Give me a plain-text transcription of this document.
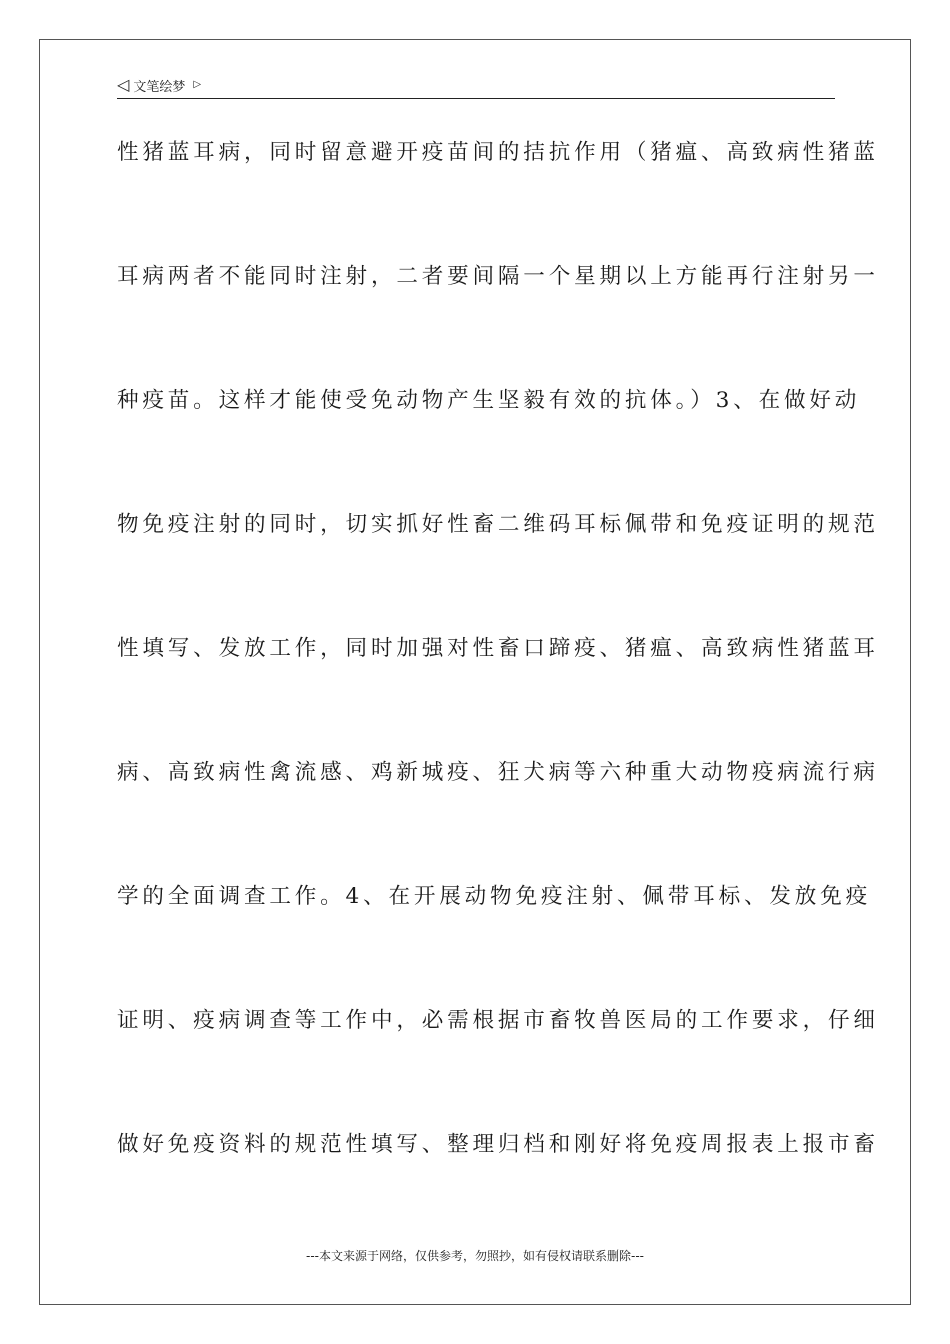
◁ 文笔绘梦 ▷
性猪蓝耳病，同时留意避开疫苗间的拮抗作用（猪瘟、高致病性猪蓝
耳病两者不能同时注射，二者要间隔一个星期以上方能再行注射另一
种疫苗。这样才能使受免动物产生坚毅有效的抗体。）3、在做好动
物免疫注射的同时，切实抓好性畜二维码耳标佩带和免疫证明的规范
性填写、发放工作，同时加强对性畜口蹄疫、猪瘟、高致病性猪蓝耳
病、高致病性禽流感、鸡新城疫、狂犬病等六种重大动物疫病流行病
学的全面调查工作。4、在开展动物免疫注射、佩带耳标、发放免疫
证明、疫病调查等工作中，必需根据市畜牧兽医局的工作要求，仔细
做好免疫资料的规范性填写、整理归档和刚好将免疫周报表上报市畜
---本文来源于网络，仅供参考，勿照抄，如有侵权请联系删除---
